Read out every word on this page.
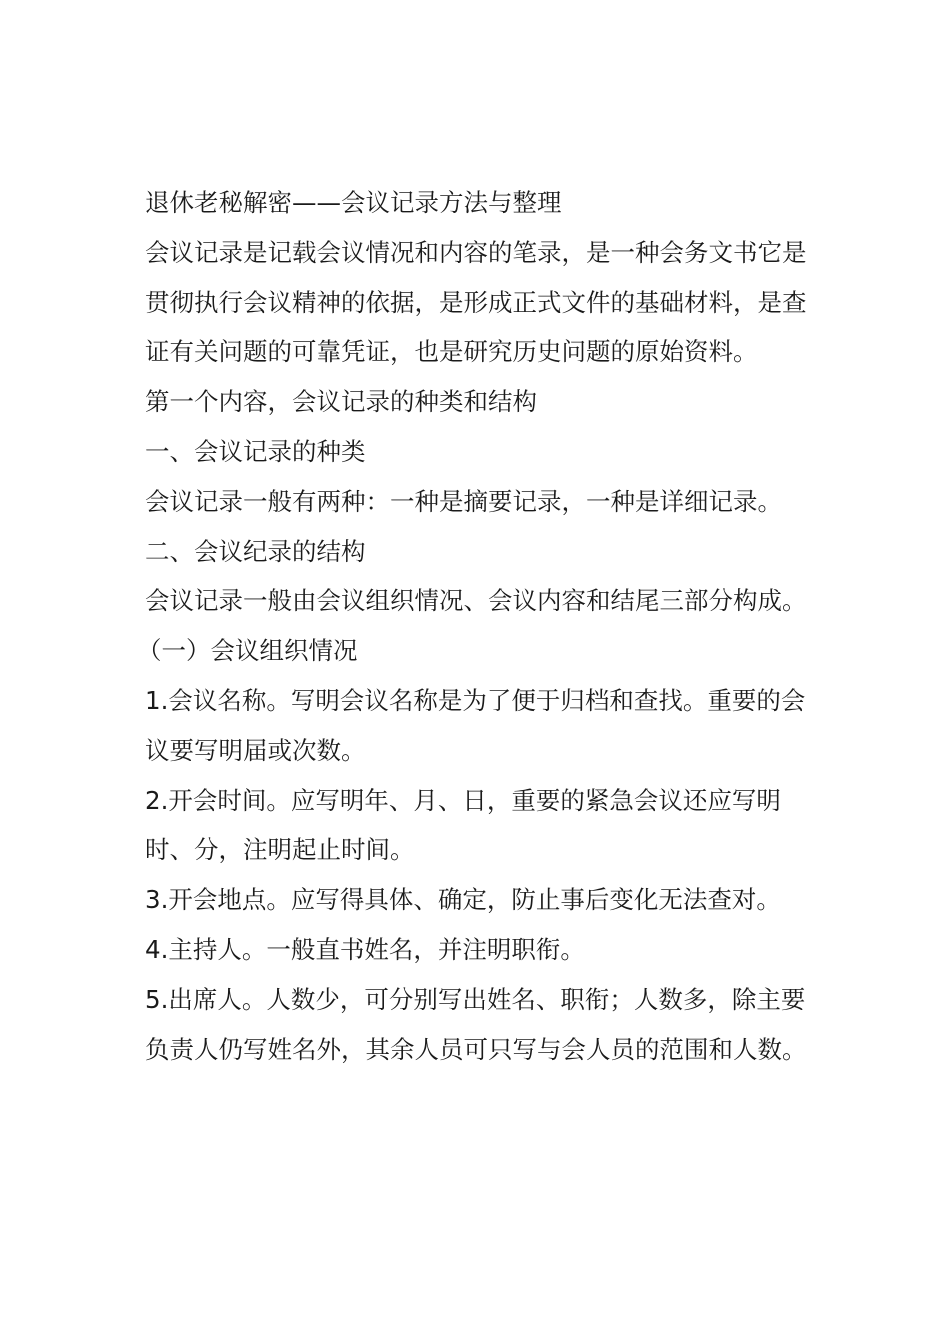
退休老秘解密——会议记录方法与整理

会议记录是记载会议情况和内容的笔录，是一种会务文书它是贯彻执行会议精神的依据，是形成正式文件的基础材料，是查证有关问题的可靠凭证，也是研究历史问题的原始资料。

第一个内容，会议记录的种类和结构

一、会议记录的种类

会议记录一般有两种：一种是摘要记录，一种是详细记录。

二、会议纪录的结构

会议记录一般由会议组织情况、会议内容和结尾三部分构成。

（一）会议组织情况

1.会议名称。写明会议名称是为了便于归档和查找。重要的会议要写明届或次数。

2.开会时间。应写明年、月、日，重要的紧急会议还应写明时、分，注明起止时间。

3.开会地点。应写得具体、确定，防止事后变化无法查对。

4.主持人。一般直书姓名，并注明职衔。

5.出席人。人数少，可分别写出姓名、职衔；人数多，除主要负责人仍写姓名外，其余人员可只写与会人员的范围和人数。
